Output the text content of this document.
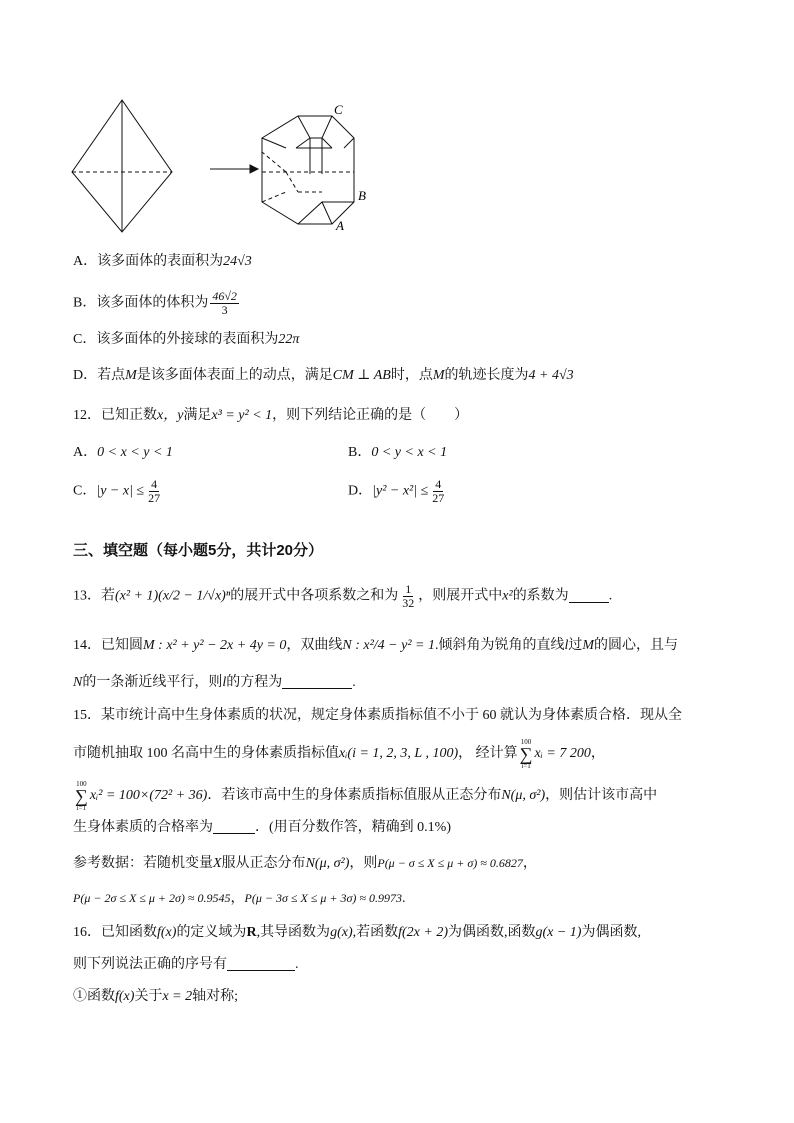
C
B
A
A．该多面体的表面积为24√3
B．该多面体的体积为 $\frac{46√2}{3}$
C．该多面体的外接球的表面积为22π
D．若点M是该多面体表面上的动点，满足CM ⊥ AB时，点M的轨迹长度为4 + 4√3
12．已知正数x，y满足x³ = y² < 1，则下列结论正确的是（　　）
A．0 < x < y < 1	B．0 < y < x < 1
C．$|y - x| \le \frac{4}{27}$	D．$|y^2 - x^2| \le \frac{4}{27}$
三、填空题（每小题5分，共计20分）
13．若(x² + 1)(x/2 − 1/√x)ⁿ的展开式中各项系数之和为 $\frac{1}{32}$ ，则展开式中x²的系数为	.
14．已知圆M : x² + y² − 2x + 4y = 0，双曲线N : x²/4 − y² = 1.倾斜角为锐角的直线l过M的圆心，且与
N的一条渐近线平行，则l的方程为	.
15．某市统计高中生身体素质的状况，规定身体素质指标值不小于 60 就认为身体素质合格．现从全
市随机抽取 100 名高中生的身体素质指标值xᵢ(i = 1, 2, 3, L , 100)， 经计算
100
∑
i=1
xᵢ = 7 200，
100
∑
i=1
xᵢ² = 100×(72² + 36)．若该市高中生的身体素质指标值服从正态分布N(μ, σ²)，则估计该市高中
生身体素质的合格率为	．(用百分数作答，精确到 0.1%)
参考数据：若随机变量X服从正态分布N(μ, σ²)，则P(μ − σ ≤ X ≤ μ + σ) ≈ 0.6827，
P(μ − 2σ ≤ X ≤ μ + 2σ) ≈ 0.9545，P(μ − 3σ ≤ X ≤ μ + 3σ) ≈ 0.9973.
16．已知函数f(x)的定义域为R,其导函数为g(x),若函数f(2x + 2)为偶函数,函数g(x − 1)为偶函数,
则下列说法正确的序号有	.
①函数f(x)关于x = 2轴对称;
